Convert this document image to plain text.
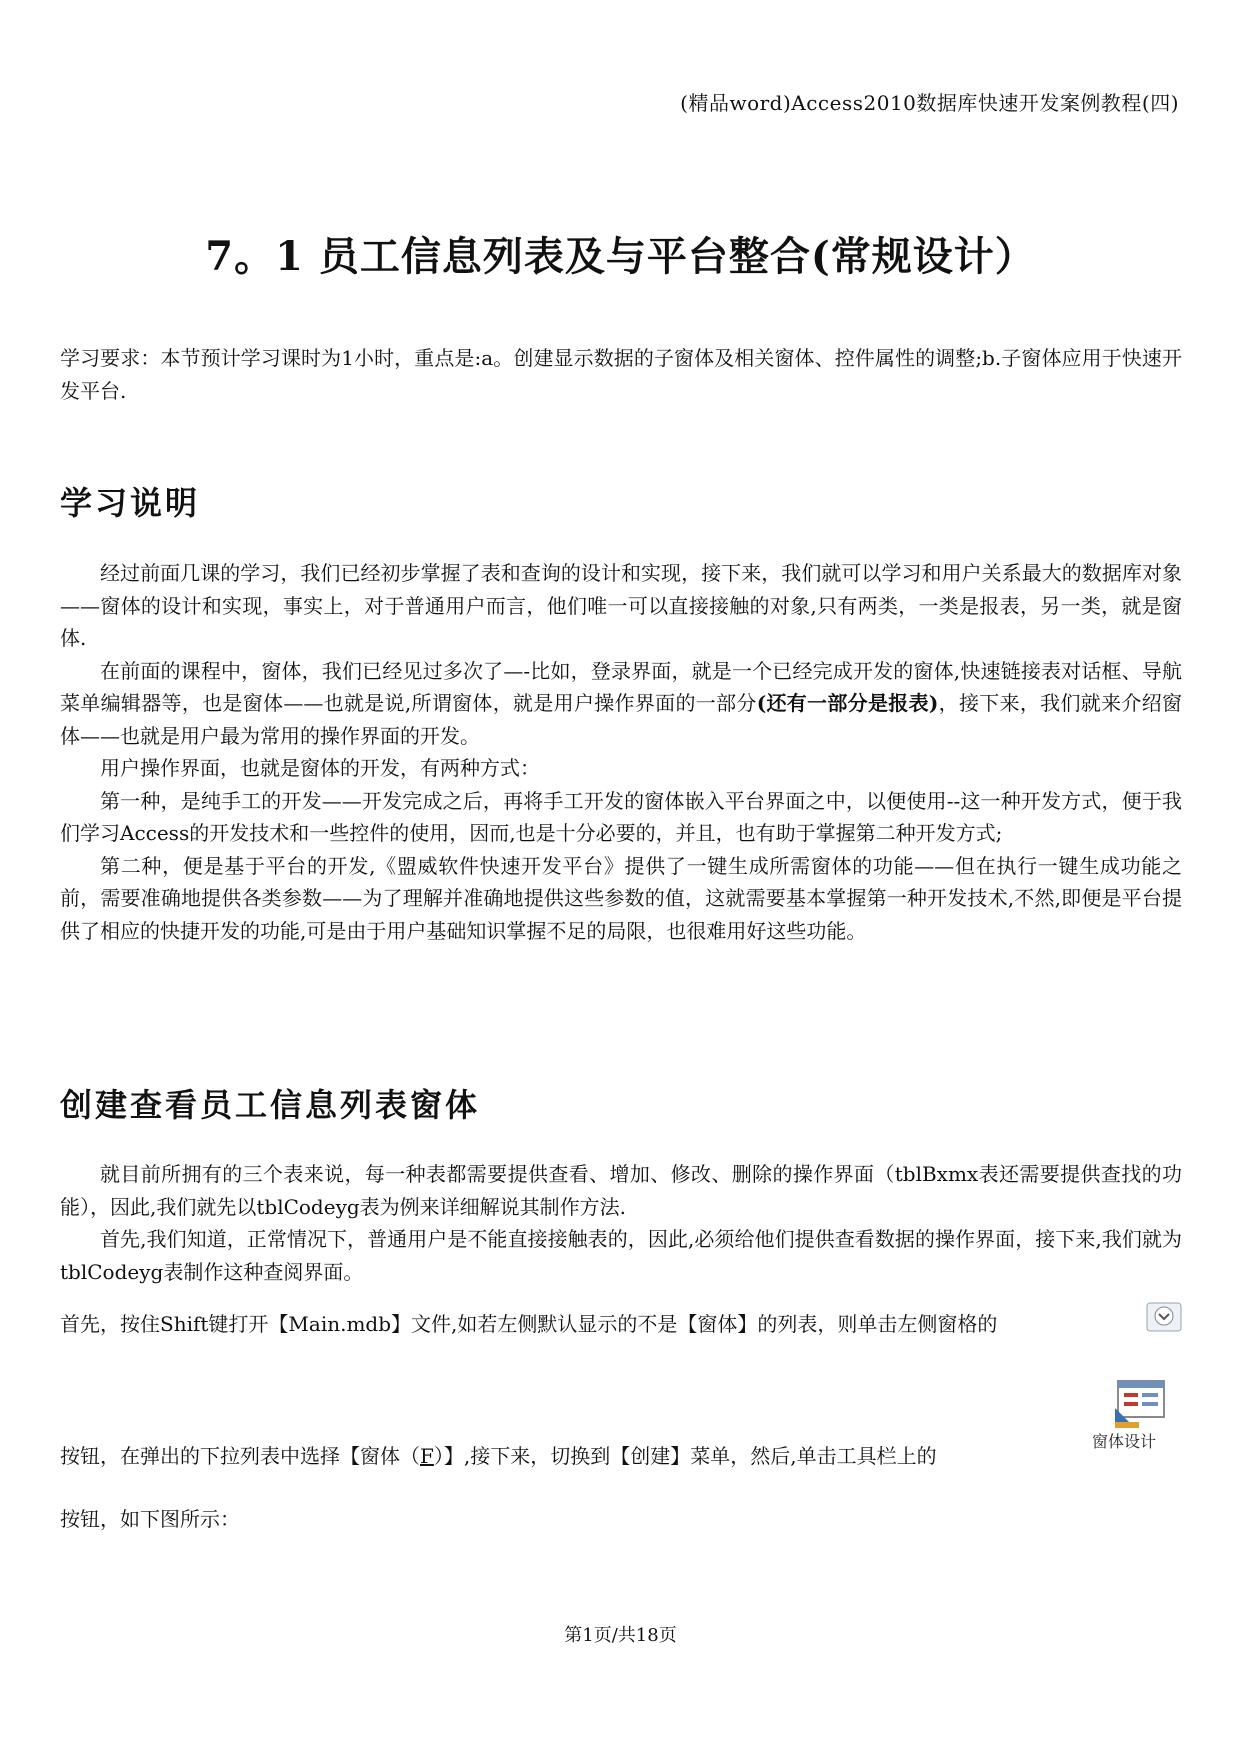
(精品word)Access2010数据库快速开发案例教程(四)
7。1 员工信息列表及与平台整合(常规设计）
学习要求：本节预计学习课时为1小时，重点是:a。创建显示数据的子窗体及相关窗体、控件属性的调整;b.子窗体应用于快速开发平台.
学习说明
经过前面几课的学习，我们已经初步掌握了表和查询的设计和实现，接下来，我们就可以学习和用户关系最大的数据库对象——窗体的设计和实现，事实上，对于普通用户而言，他们唯一可以直接接触的对象,只有两类，一类是报表，另一类，就是窗体.
在前面的课程中，窗体，我们已经见过多次了—-比如，登录界面，就是一个已经完成开发的窗体,快速链接表对话框、导航菜单编辑器等，也是窗体——也就是说,所谓窗体，就是用户操作界面的一部分(还有一部分是报表)，接下来，我们就来介绍窗体——也就是用户最为常用的操作界面的开发。
用户操作界面，也就是窗体的开发，有两种方式：
第一种，是纯手工的开发——开发完成之后，再将手工开发的窗体嵌入平台界面之中，以便使用--这一种开发方式，便于我们学习Access的开发技术和一些控件的使用，因而,也是十分必要的，并且，也有助于掌握第二种开发方式;
第二种，便是基于平台的开发,《盟威软件快速开发平台》提供了一键生成所需窗体的功能——但在执行一键生成功能之前，需要准确地提供各类参数——为了理解并准确地提供这些参数的值，这就需要基本掌握第一种开发技术,不然,即便是平台提供了相应的快捷开发的功能,可是由于用户基础知识掌握不足的局限，也很难用好这些功能。
创建查看员工信息列表窗体
就目前所拥有的三个表来说，每一种表都需要提供查看、增加、修改、删除的操作界面（tblBxmx表还需要提供查找的功能），因此,我们就先以tblCodeyg表为例来详细解说其制作方法.
首先,我们知道，正常情况下，普通用户是不能直接接触表的，因此,必须给他们提供查看数据的操作界面，接下来,我们就为tblCodeyg表制作这种查阅界面。
首先，按住Shift键打开【Main.mdb】文件,如若左侧默认显示的不是【窗体】的列表，则单击左侧窗格的
窗体设计
按钮，在弹出的下拉列表中选择【窗体（F）】,接下来，切换到【创建】菜单，然后,单击工具栏上的
按钮，如下图所示：
第1页/共18页
